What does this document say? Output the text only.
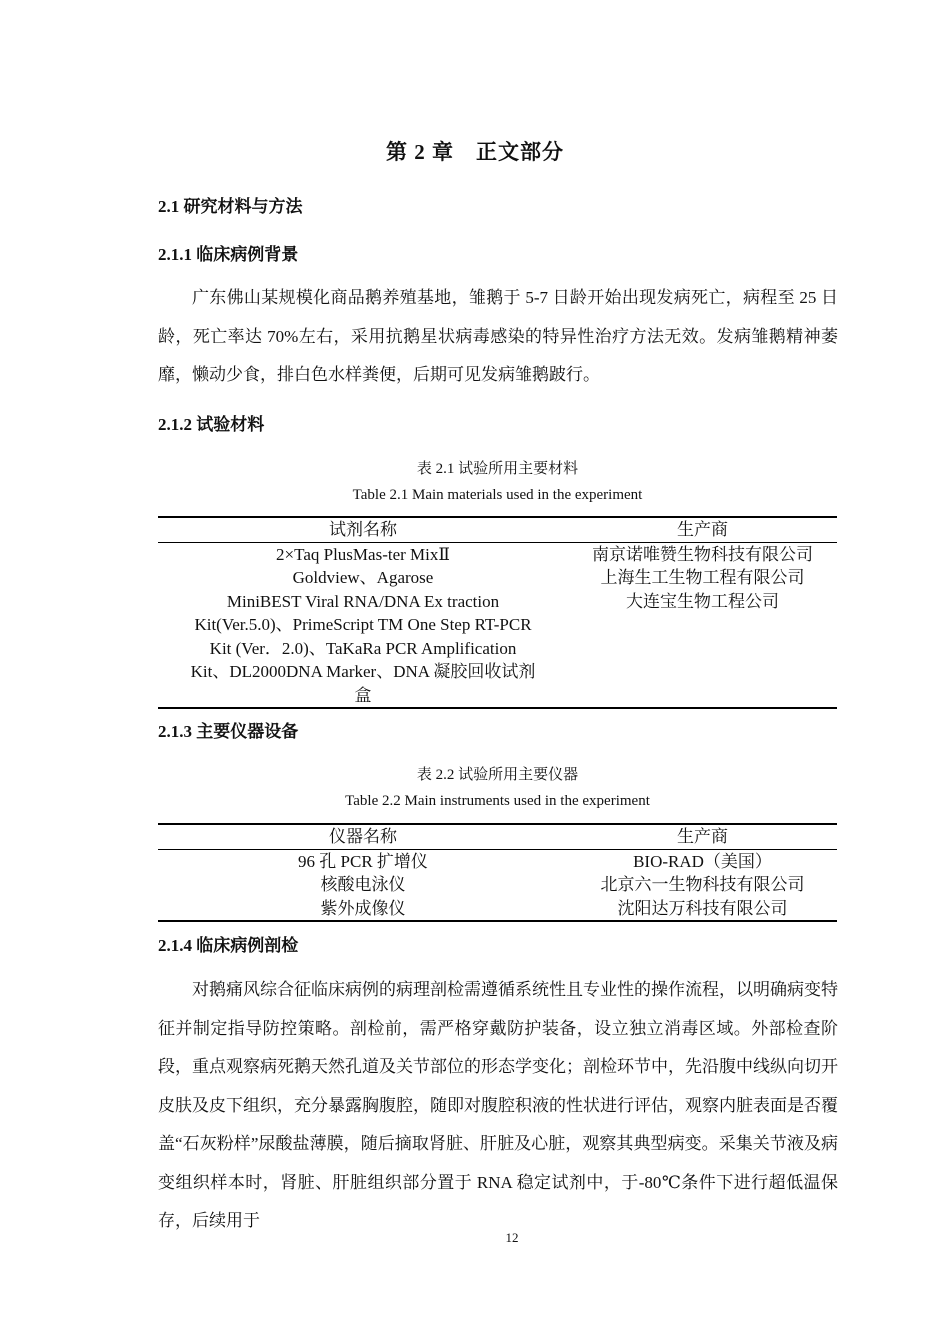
第 2 章　正文部分
2.1 研究材料与方法
2.1.1 临床病例背景

广东佛山某规模化商品鹅养殖基地，雏鹅于 5-7 日龄开始出现发病死亡，病程至 25 日龄，死亡率达 70%左右，采用抗鹅星状病毒感染的特异性治疗方法无效。发病雏鹅精神萎靡，懒动少食，排白色水样粪便，后期可见发病雏鹅跛行。

2.1.2 试验材料

表 2.1 试验所用主要材料

Table 2.1 Main materials used in the experiment

试剂名称	生产商
2×Taq PlusMas-ter MixⅡ	南京诺唯赞生物科技有限公司
Goldview、Agarose	上海生工生物工程有限公司

MiniBEST Viral RNA/DNA Ex traction
Kit(Ver.5.0)、PrimeScript TM One Step RT-PCR
Kit (Ver．2.0)、TaKaRa PCR Amplification
Kit、DL2000DNA Marker、DNA 凝胶回收试剂
盒	大连宝生物工程公司
2.1.3 主要仪器设备

表 2.2 试验所用主要仪器

Table 2.2 Main instruments used in the experiment

仪器名称	生产商
96 孔 PCR 扩增仪	BIO-RAD（美国）
核酸电泳仪	北京六一生物科技有限公司
紫外成像仪	沈阳达万科技有限公司
2.1.4 临床病例剖检

对鹅痛风综合征临床病例的病理剖检需遵循系统性且专业性的操作流程，以明确病变特征并制定指导防控策略。剖检前，需严格穿戴防护装备，设立独立消毒区域。外部检查阶段，重点观察病死鹅天然孔道及关节部位的形态学变化；剖检环节中，先沿腹中线纵向切开皮肤及皮下组织，充分暴露胸腹腔，随即对腹腔积液的性状进行评估，观察内脏表面是否覆盖“石灰粉样”尿酸盐薄膜，随后摘取肾脏、肝脏及心脏，观察其典型病变。采集关节液及病变组织样本时，肾脏、肝脏组织部分置于 RNA 稳定试剂中，于-80℃条件下进行超低温保存，后续用于

12
